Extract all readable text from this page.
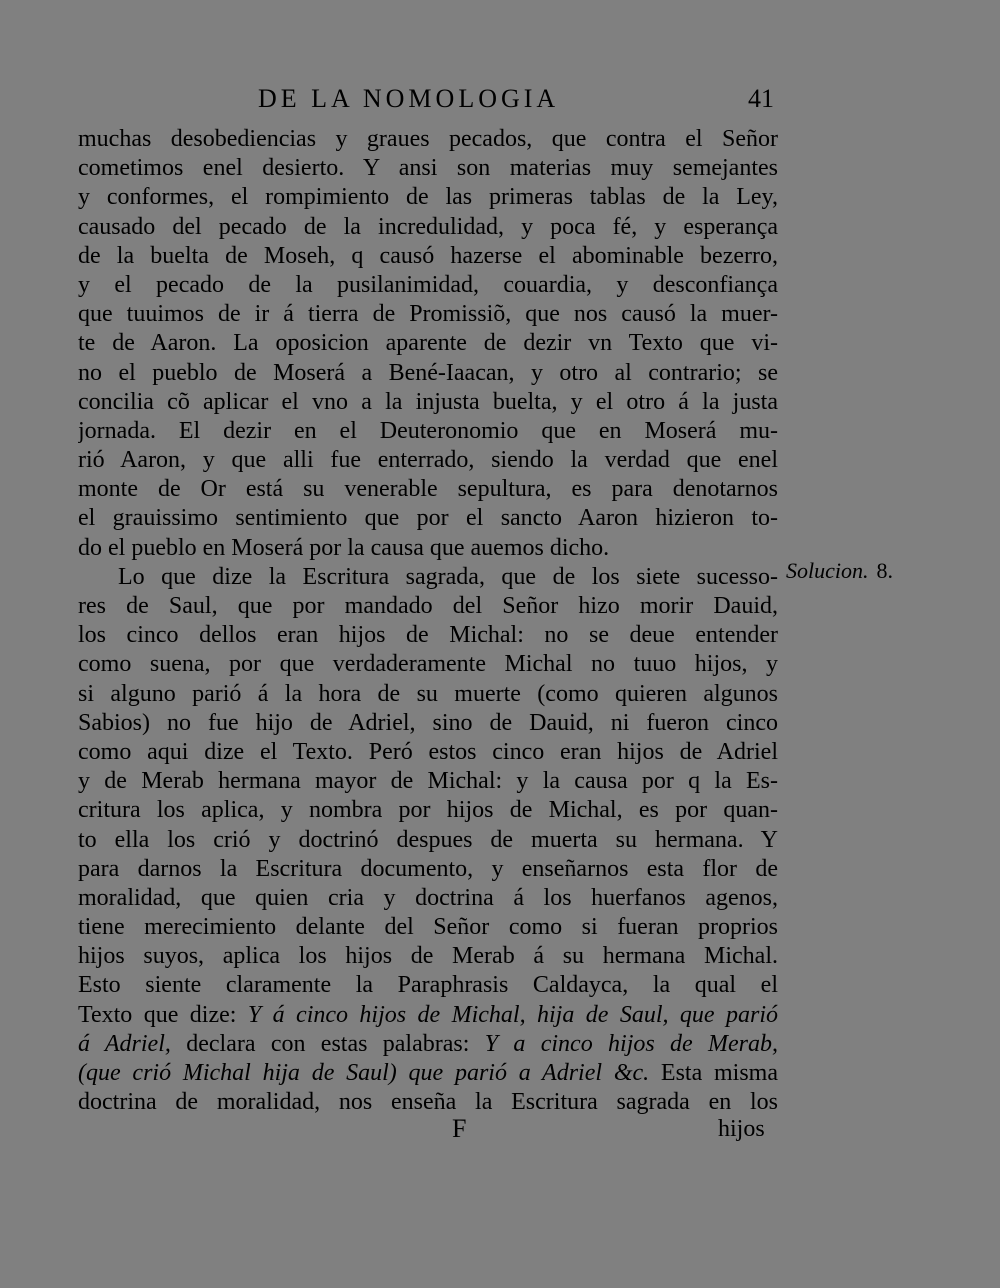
DE LA NOMOLOGIA	41
muchas desobediencias y graues pecados, que contra el Señor
cometimos enel desierto. Y ansi son materias muy semejantes
y conformes, el rompimiento de las primeras tablas de la Ley,
causado del pecado de la incredulidad, y poca fé, y esperança
de la buelta de Moseh, q causó hazerse el abominable bezerro,
y el pecado de la pusilanimidad, couardia, y desconfiança
que tuuimos de ir á tierra de Promissiõ, que nos causó la muer-
te de Aaron. La oposicion aparente de dezir vn Texto que vi-
no el pueblo de Moserá a Bené-Iaacan, y otro al contrario; se
concilia cõ aplicar el vno a la injusta buelta, y el otro á la justa
jornada. El dezir en el Deuteronomio que en Moserá mu-
rió Aaron, y que alli fue enterrado, siendo la verdad que enel
monte de Or está su venerable sepultura, es para denotarnos
el grauissimo sentimiento que por el sancto Aaron hizieron to-
do el pueblo en Moserá por la causa que auemos dicho.
Lo que dize la Escritura sagrada, que de los siete sucesso-
res de Saul, que por mandado del Señor hizo morir Dauid,
los cinco dellos eran hijos de Michal: no se deue entender
como suena, por que verdaderamente Michal no tuuo hijos, y
si alguno parió á la hora de su muerte (como quieren algunos
Sabios) no fue hijo de Adriel, sino de Dauid, ni fueron cinco
como aqui dize el Texto. Peró estos cinco eran hijos de Adriel
y de Merab hermana mayor de Michal: y la causa por q la Es-
critura los aplica, y nombra por hijos de Michal, es por quan-
to ella los crió y doctrinó despues de muerta su hermana. Y
para darnos la Escritura documento, y enseñarnos esta flor de
moralidad, que quien cria y doctrina á los huerfanos agenos,
tiene merecimiento delante del Señor como si fueran proprios
hijos suyos, aplica los hijos de Merab á su hermana Michal.
Esto siente claramente la Paraphrasis Caldayca, la qual el
Texto que dize: Y á cinco hijos de Michal, hija de Saul, que parió
á Adriel, declara con estas palabras: Y a cinco hijos de Merab,
(que crió Michal hija de Saul) que parió a Adriel &c. Esta misma
doctrina de moralidad, nos enseña la Escritura sagrada en los
Solucion. 8.
F	hijos
